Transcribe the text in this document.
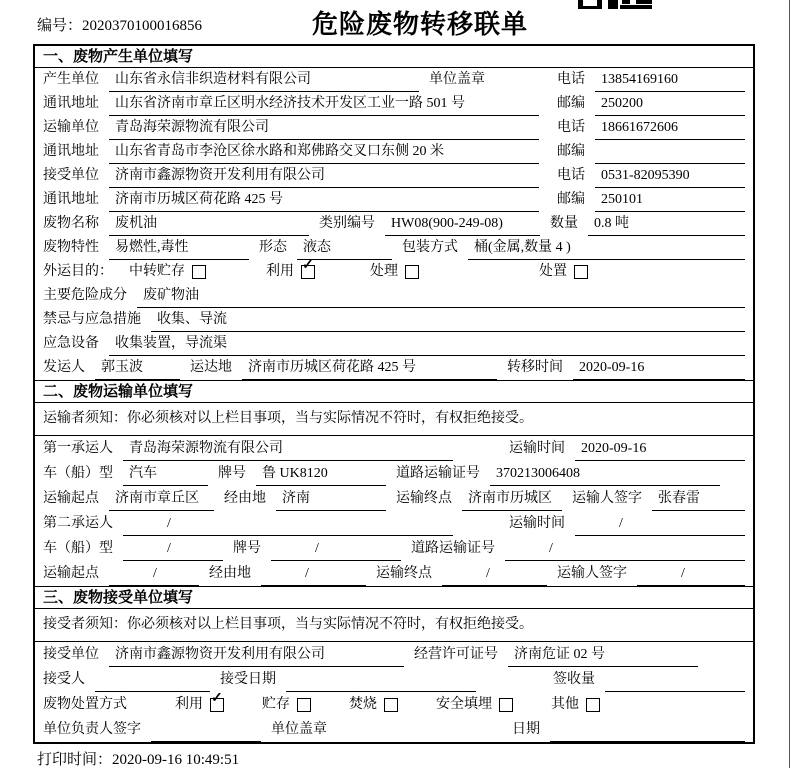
编号：2020370100016856	危险废物转移联单
一、废物产生单位填写
产生单位	山东省永信非织造材料有限公司	单位盖章	电话	13854169160
通讯地址	山东省济南市章丘区明水经济技术开发区工业一路 501 号	邮编	250200
运输单位	青岛海荣源物流有限公司	电话	18661672606
通讯地址	山东省青岛市李沧区徐水路和郑佛路交叉口东侧 20 米	邮编
接受单位	济南市鑫源物资开发利用有限公司	电话	0531-82095390
通讯地址	济南市历城区荷花路 425 号	邮编	250101
废物名称	废机油	类别编号	HW08(900-249-08)	数量	0.8 吨
废物特性	易燃性,毒性	形态	液态	包装方式	桶(金属,数量 4 )
外运目的： 中转贮存	利用 ✓	处理	处置
主要危险成分	废矿物油
禁忌与应急措施	收集、导流
应急设备	收集装置，导流渠
发运人	郭玉波	运达地	济南市历城区荷花路 425 号	转移时间	2020-09-16
二、废物运输单位填写
运输者须知：你必须核对以上栏目事项，当与实际情况不符时，有权拒绝接受。
第一承运人	青岛海荣源物流有限公司	运输时间	2020-09-16
车（船）型	汽车	牌号	鲁 UK8120	道路运输证号	370213006408
运输起点	济南市章丘区	经由地	济南	运输终点	济南市历城区	运输人签字	张春雷
第二承运人	/	运输时间	/
车（船）型	/	牌号	/	道路运输证号	/
运输起点	/	经由地	/	运输终点	/	运输人签字	/
三、废物接受单位填写
接受者须知：你必须核对以上栏目事项，当与实际情况不符时，有权拒绝接受。
接受单位	济南市鑫源物资开发利用有限公司	经营许可证号	济南危证 02 号
接受人	接受日期	签收量
废物处置方式	利用 ✓	贮存	焚烧	安全填埋	其他
单位负责人签字	单位盖章	日期
打印时间：2020-09-16 10:49:51
